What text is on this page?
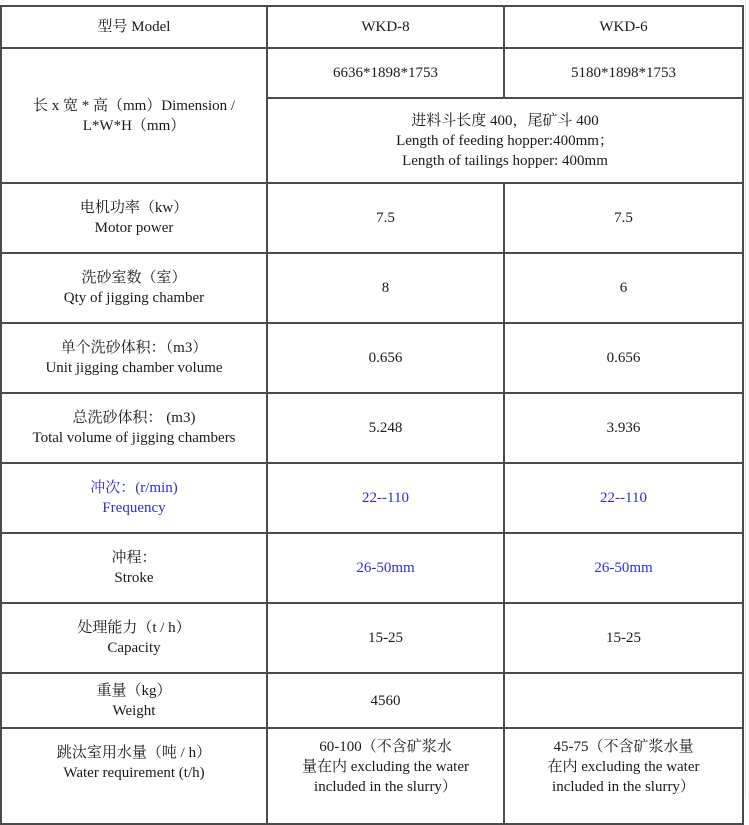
型号 Model	WKD-8	WKD-6

长 x 宽 * 高（mm）Dimension /
L*W*H（mm）	6636*1898*1753	5180*1898*1753

	进料斗长度 400，尾矿斗 400
Length of feeding hopper:400mm；
Length of tailings hopper: 400mm	

电机功率（kw）
Motor power	7.5	7.5

洗砂室数（室）
Qty of jigging chamber	8	6

单个洗砂体积：（m3）
Unit jigging chamber volume	0.656	0.656

总洗砂体积： (m3)
Total volume of jigging chambers	5.248	3.936

冲次：(r/min)
Frequency	22--110	22--110

冲程：
Stroke	26-50mm	26-50mm

处理能力（t / h）
Capacity	15-25	15-25

重量（kg）
Weight	4560	

跳汰室用水量（吨 / h）
Water requirement (t/h)	60-100（不含矿浆水
量在内 excluding the water
included in the slurry）	45-75（不含矿浆水量
在内 excluding the water
included in the slurry）
